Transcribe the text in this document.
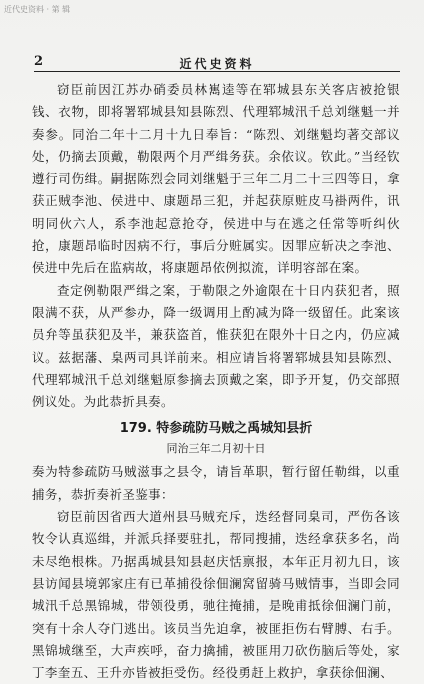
近代史资料 · 第 辑
2	近代史资料

窃臣前因江苏办硝委员林嶲逵等在郓城县东关客店被抢银钱、衣物，即将署郓城县知县陈烈、代理郓城汛千总刘继魁一并奏参。同治二年十二月十九日奉旨：“陈烈、刘继魁均著交部议处，仍摘去顶戴，勒限两个月严缉务获。余依议。钦此。”当经钦遵行司伤缉。嗣据陈烈会同刘继魁于三年二月二十三四等日，拿获正贼李池、侯进中、康题昂三犯，并起获原赃皮马褂两件，讯明同伙六人，系李池起意抢夺，侯进中与在逃之任常等听纠伙抢，康题昂临时因病不行，事后分赃属实。因罪应斩决之李池、侯进中先后在监病故，将康题昂依例拟流，详明容部在案。

查定例勒限严缉之案，于勒限之外逾限在十日内获犯者，照限满不获，从严参办，降一级调用上酌减为降一级留任。此案该员弁等虽获犯及半，兼获盗首，惟获犯在限外十日之内，仍应减议。兹据藩、臬两司具详前来。相应请旨将署郓城县知县陈烈、代理郓城汛千总刘继魁原参摘去顶戴之案，即予开复，仍交部照例议处。为此恭折具奏。

179. 特参疏防马贼之禹城知县折
同治三年二月初十日

奏为特参疏防马贼滋事之县令，请旨革职，暂行留任勒缉，以重捕务，恭折奏祈圣鉴事：

窃臣前因省西大道州县马贼充斥，迭经督同臬司，严伤各该牧令认真巡缉，并派兵择要驻扎，帮同搜捕，迭经拿获多名，尚未尽绝根株。乃据禹城县知县赵庆恬禀报，本年正月初九日，该县访闻县境郭家庄有已革捕役徐佃澜窝留骑马贼情事，当即会同城汛千总黑锦城，带领役勇，驰往掩捕，是晚甫抵徐佃澜门前，突有十余人夺门逃出。该员当先迫拿，被匪拒伤右臂膊、右手。黑锦城继至，大声疾呼，奋力擒捕，被匪用刀砍伤脑后等处，家丁李奎五、王升亦皆被拒受伤。经役勇赶上救护，拿获徐佃澜、
